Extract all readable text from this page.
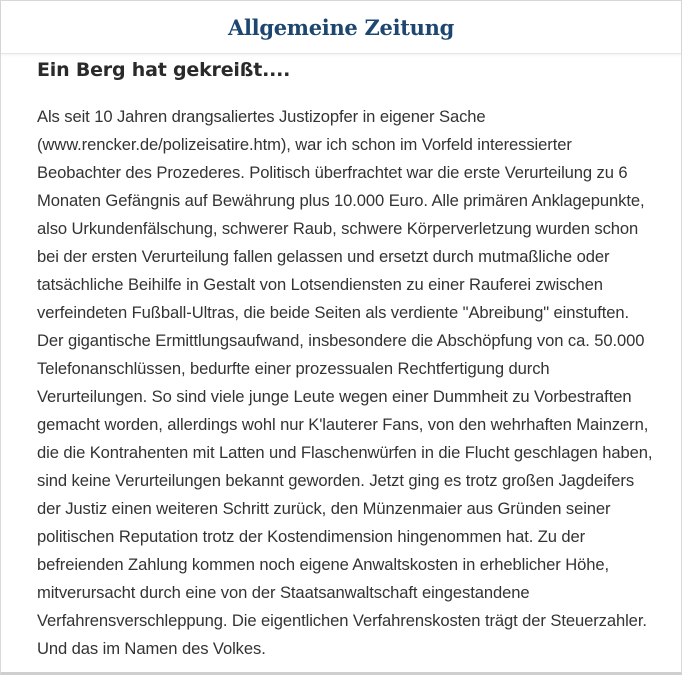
Allgemeine Zeitung
Ein Berg hat gekreißt....

Als seit 10 Jahren drangsaliertes Justizopfer in eigener Sache (www.rencker.de/polizeisatire.htm), war ich schon im Vorfeld interessierter Beobachter des Prozederes. Politisch überfrachtet war die erste Verurteilung zu 6 Monaten Gefängnis auf Bewährung plus 10.000 Euro. Alle primären Anklagepunkte, also Urkundenfälschung, schwerer Raub, schwere Körperverletzung wurden schon bei der ersten Verurteilung fallen gelassen und ersetzt durch mutmaßliche oder tatsächliche Beihilfe in Gestalt von Lotsendiensten zu einer Rauferei zwischen verfeindeten Fußball-Ultras, die beide Seiten als verdiente "Abreibung" einstuften. Der gigantische Ermittlungsaufwand, insbesondere die Abschöpfung von ca. 50.000 Telefonanschlüssen, bedurfte einer prozessualen Rechtfertigung durch Verurteilungen. So sind viele junge Leute wegen einer Dummheit zu Vorbestraften gemacht worden, allerdings wohl nur K'lauterer Fans, von den wehrhaften Mainzern, die die Kontrahenten mit Latten und Flaschenwürfen in die Flucht geschlagen haben, sind keine Verurteilungen bekannt geworden. Jetzt ging es trotz großen Jagdeifers der Justiz einen weiteren Schritt zurück, den Münzenmaier aus Gründen seiner politischen Reputation trotz der Kostendimension hingenommen hat. Zu der befreienden Zahlung kommen noch eigene Anwaltskosten in erheblicher Höhe, mitverursacht durch eine von der Staatsanwaltschaft eingestandene Verfahrensverschleppung. Die eigentlichen Verfahrenskosten trägt der Steuerzahler. Und das im Namen des Volkes.
